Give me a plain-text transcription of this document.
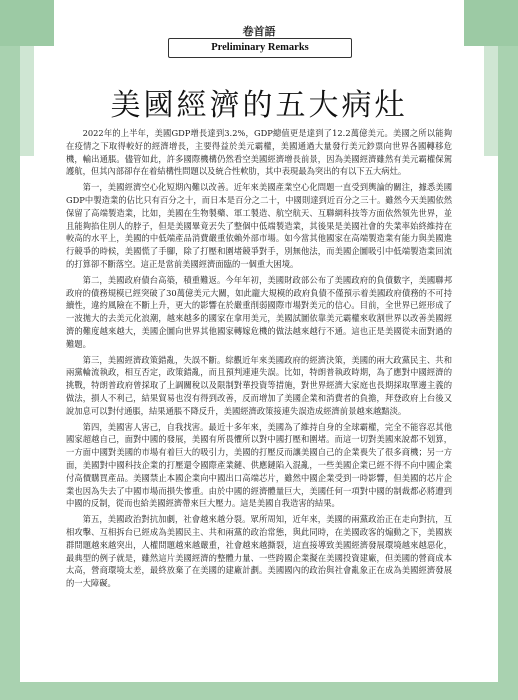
卷首語
Preliminary Remarks
美國經濟的五大病灶

2022年的上半年，美國GDP增長達到3.2%，GDP總值更是達到了12.2萬億美元。美國之所以能夠在疫情之下取得較好的經濟增長，主要得益於美元霸權，美國通過大量發行美元鈔票向世界各國轉移危機，輸出通脹。儘管如此，許多國際機構仍然看空美國經濟增長前景，因為美國經濟雖然有美元霸權保駕護航，但其內部卻存在着結構性問題以及統合性軟肋，其中表現最為突出的有以下五大病灶。

第一，美國經濟空心化短期內難以改善。近年來美國產業空心化問題一直受到輿論的關注，據悉美國GDP中製造業的佔比只有百分之十，而日本是百分之二十，中國則達到近百分之三十。雖然今天美國依然保留了高端製造業，比如，美國在生物製藥、軍工製造、航空航天、互聯網科技等方面依然領先世界，並且能夠掐住別人的脖子，但是美國畢竟丟失了整個中低端製造業，其後果是美國社會的失業率始終維持在較高的水平上，美國的中低端產品消費嚴重依賴外部市場。如今當其他國家在高端製造業有能力與美國進行競爭的時候，美國慌了手腳，除了打壓和圍堵競爭對手，別無他法，而美國企圖吸引中低端製造業回流的打算卻不斷落空。這正是當前美國經濟面臨的一個重大困境。

第二，美國政府債台高築，積重難返。今年年初，美國財政部公布了美國政府的負債數字，美國聯邦政府的債務規模已經突破了30萬億美元大關，如此龐大規模的政府負債不僅預示着美國政府債務的不可持續性，違約風險在不斷上升，更大的影響在於嚴重削弱國際市場對美元的信心。目前，全世界已經形成了一波拋大的去美元化浪潮，越來越多的國家在拿用美元，美國試圖依靠美元霸權來收割世界以改善美國經濟的難度越來越大，美國企圖向世界其他國家轉嫁危機的做法越來越行不通。這也正是美國從未面對過的難題。

第三，美國經濟政策錯亂，失誤不斷。綜觀近年來美國政府的經濟決策，美國的兩大政黨民主、共和兩黨輪流執政，相互否定，政策錯亂，而且預判連連失誤。比如，特朗普執政時期，為了應對中國經濟的挑戰，特朗普政府曾採取了上調關稅以及限制對華投資等措施，對世界經濟大家庭也長期採取單邊主義的做法，損人不利己，結果貿易也沒有得到改善，反而增加了美國企業和消費者的負擔，拜登政府上台後又說加息可以對付通脹，結果通脹不降反升，美國經濟政策接連失誤造成經濟前景越來越黯淡。

第四，美國害人害己，自我找害。最近十多年來，美國為了維持自身的全球霸權，完全不能容忍其他國家超越自己，面對中國的發展，美國有所畏懼所以對中國打壓和圍堵。而這一切對美國來說都不划算，一方面中國對美國的市場有着巨大的吸引力，美國的打壓反而讓美國自己的企業喪失了很多商機；另一方面，美國對中國科技企業的打壓還令國際產業鏈、供應鏈陷入混亂，一些美國企業已經不得不向中國企業付高價購買產品。美國禁止本國企業向中國出口高端芯片，雖然中國企業受到一時影響，但美國的芯片企業也因為失去了中國市場而損失慘重。由於中國的經濟體量巨大，美國任何一項對中國的制裁都必將遭到中國的反制，從而也給美國經濟帶來巨大壓力。這是美國自我造害的結果。

第五，美國政治對抗加劇，社會越來越分裂。眾所周知，近年來，美國的兩黨政治正在走向對抗，互相攻擊、互相拆台已經成為美國民主、共和兩黨的政治常態，與此同時，在美國政客的煽動之下，美國族群問題越來越突出，人權問題越來越嚴重，社會越來越撕裂，這直接導致美國經濟發展環境越來越惡化，最典型的例子就是，雖然這片美國經濟的整體力量、一些跨國企業擬在美國投資建廠，但美國的營商成本太高，營商環境太差，最終放棄了在美國的建廠計劃。美國國內的政治與社會亂象正在成為美國經濟發展的一大障礙。
